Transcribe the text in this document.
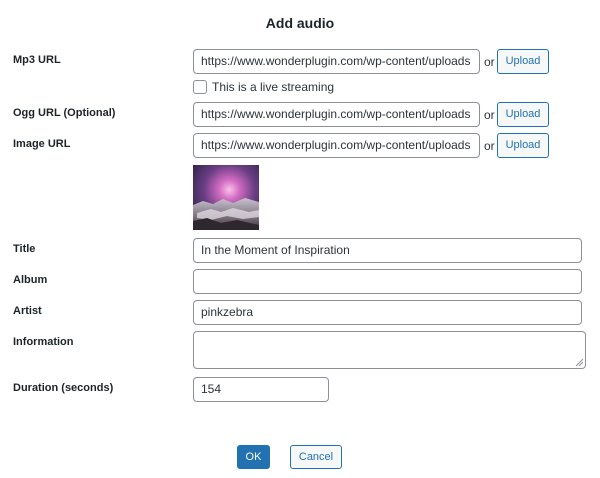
Add audio
Mp3 URL	https://www.wonderplugin.com/wp-content/uploads	or Upload
This is a live streaming
Ogg URL (Optional)	https://www.wonderplugin.com/wp-content/uploads	or Upload
Image URL	https://www.wonderplugin.com/wp-content/uploads	or Upload
Title	In the Moment of Inspiration
Album
Artist	pinkzebra
Information
Duration (seconds)	154
OK	Cancel
